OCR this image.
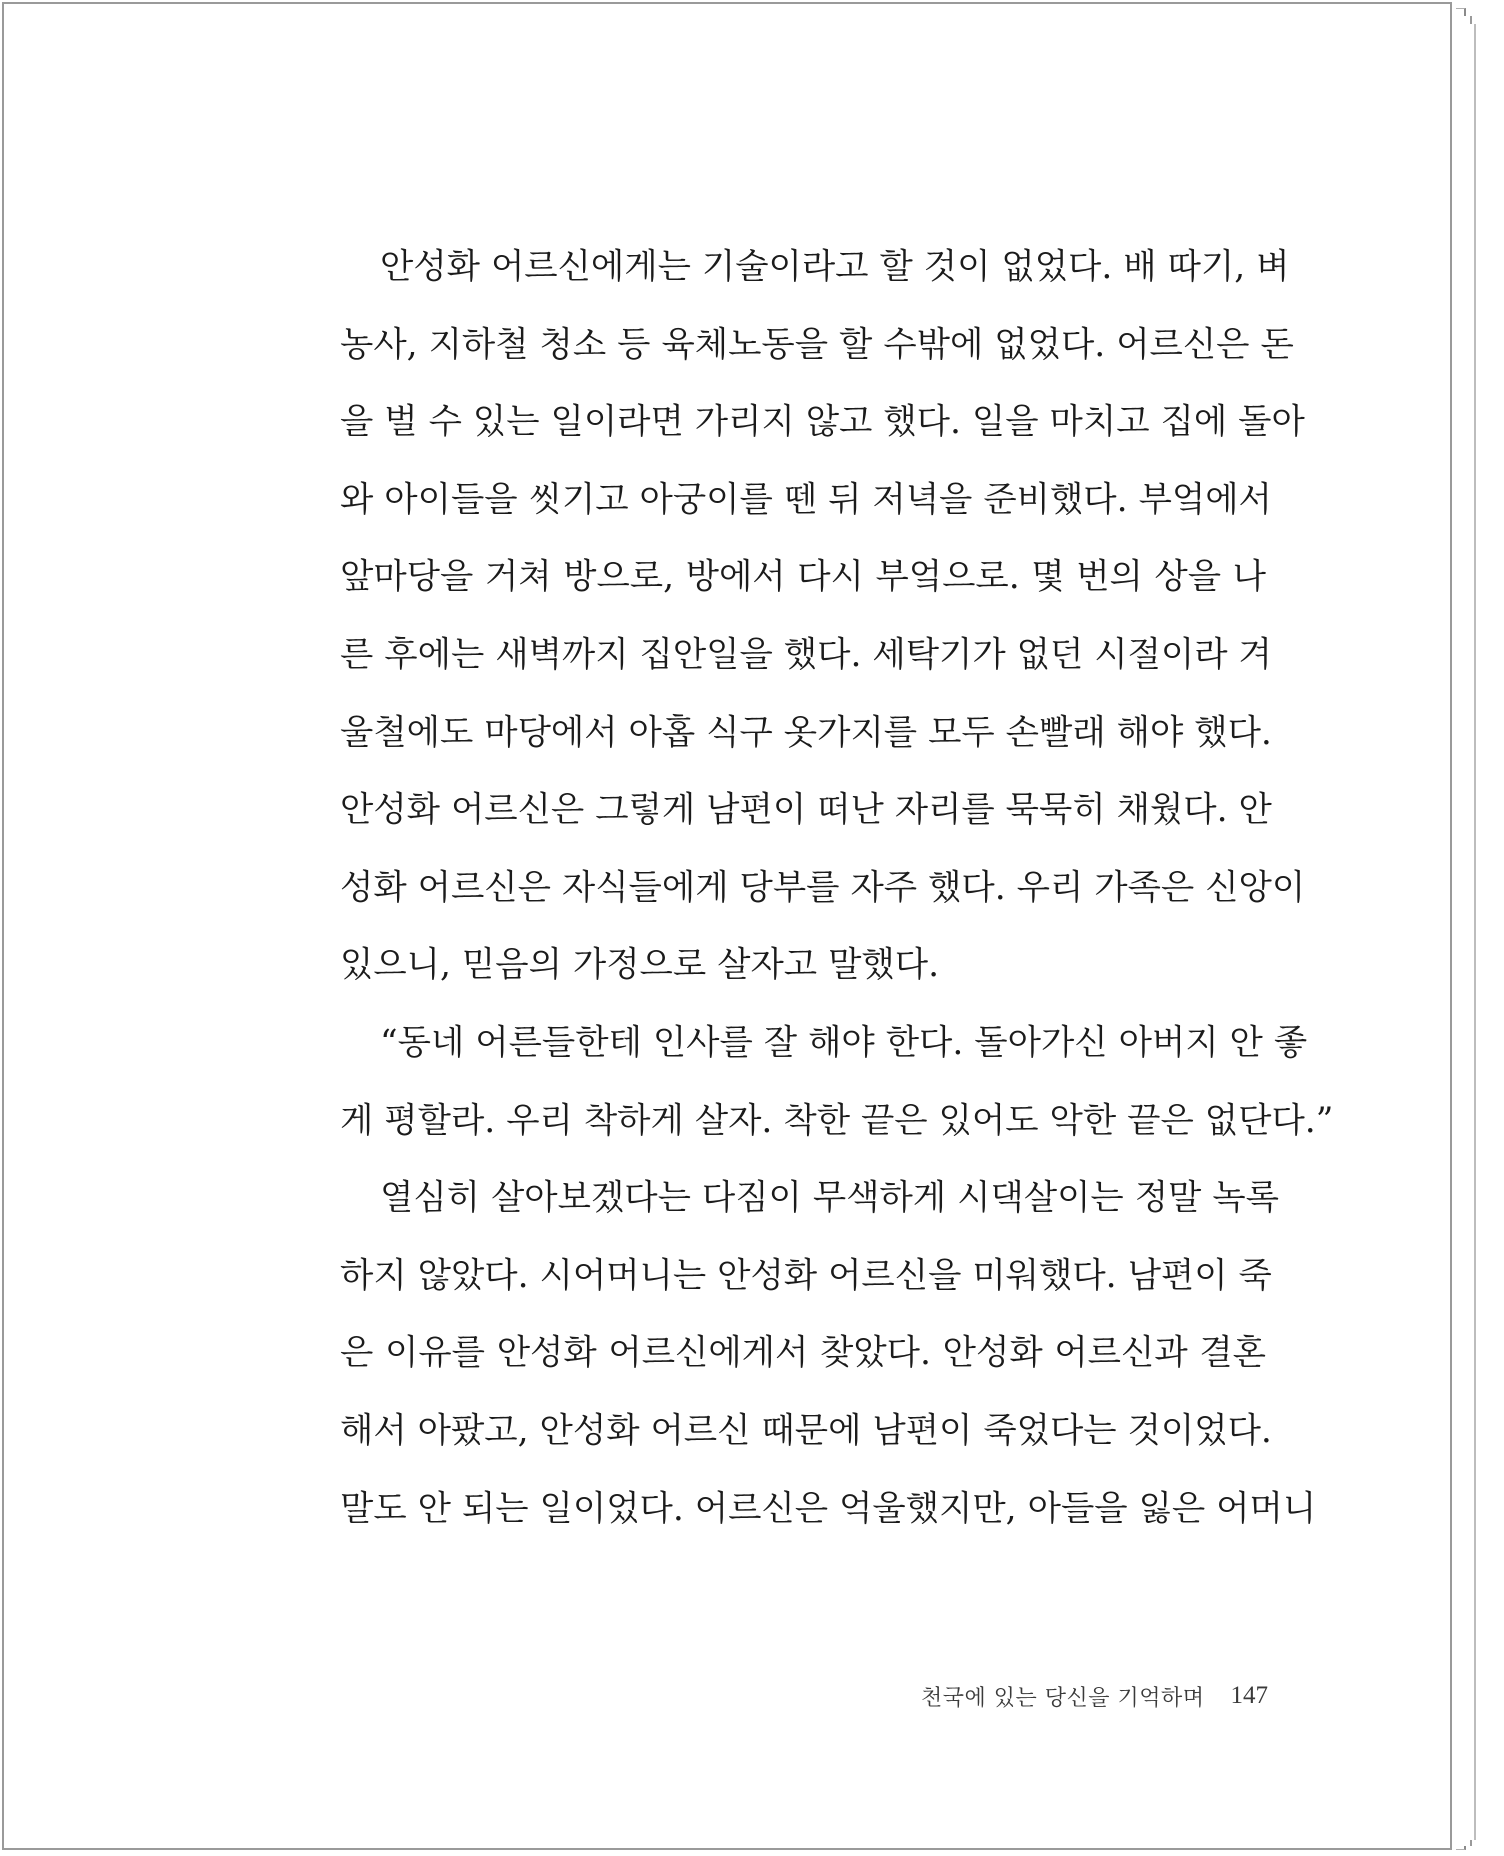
안성화 어르신에게는 기술이라고 할 것이 없었다. 배 따기, 벼
농사, 지하철 청소 등 육체노동을 할 수밖에 없었다. 어르신은 돈
을 벌 수 있는 일이라면 가리지 않고 했다. 일을 마치고 집에 돌아
와 아이들을 씻기고 아궁이를 뗀 뒤 저녁을 준비했다. 부엌에서
앞마당을 거쳐 방으로, 방에서 다시 부엌으로. 몇 번의 상을 나
른 후에는 새벽까지 집안일을 했다. 세탁기가 없던 시절이라 겨
울철에도 마당에서 아홉 식구 옷가지를 모두 손빨래 해야 했다.
안성화 어르신은 그렇게 남편이 떠난 자리를 묵묵히 채웠다. 안
성화 어르신은 자식들에게 당부를 자주 했다. 우리 가족은 신앙이
있으니, 믿음의 가정으로 살자고 말했다.
“동네 어른들한테 인사를 잘 해야 한다. 돌아가신 아버지 안 좋
게 평할라. 우리 착하게 살자. 착한 끝은 있어도 악한 끝은 없단다.”
열심히 살아보겠다는 다짐이 무색하게 시댁살이는 정말 녹록
하지 않았다. 시어머니는 안성화 어르신을 미워했다. 남편이 죽
은 이유를 안성화 어르신에게서 찾았다. 안성화 어르신과 결혼
해서 아팠고, 안성화 어르신 때문에 남편이 죽었다는 것이었다.
말도 안 되는 일이었다. 어르신은 억울했지만, 아들을 잃은 어머니
천국에 있는 당신을 기억하며 147
